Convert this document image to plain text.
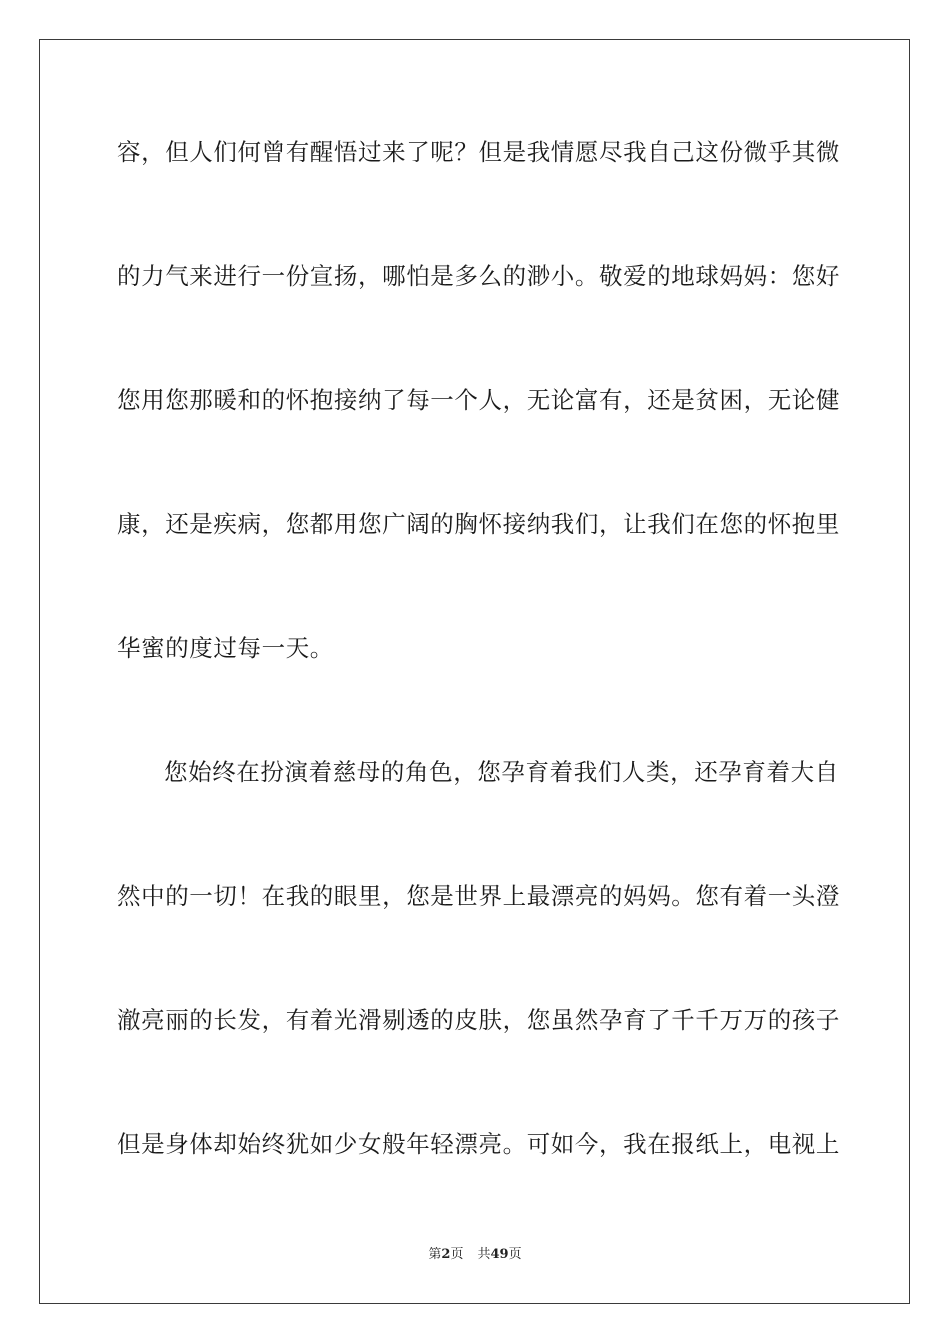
容，但人们何曾有醒悟过来了呢？但是我情愿尽我自己这份微乎其微
的力气来进行一份宣扬，哪怕是多么的渺小。敬爱的地球妈妈：您好
您用您那暖和的怀抱接纳了每一个人，无论富有，还是贫困，无论健
康，还是疾病，您都用您广阔的胸怀接纳我们，让我们在您的怀抱里
华蜜的度过每一天。
您始终在扮演着慈母的角色，您孕育着我们人类，还孕育着大自
然中的一切！在我的眼里，您是世界上最漂亮的妈妈。您有着一头澄
澈亮丽的长发，有着光滑剔透的皮肤，您虽然孕育了千千万万的孩子
但是身体却始终犹如少女般年轻漂亮。可如今，我在报纸上，电视上
第2页 共49页
